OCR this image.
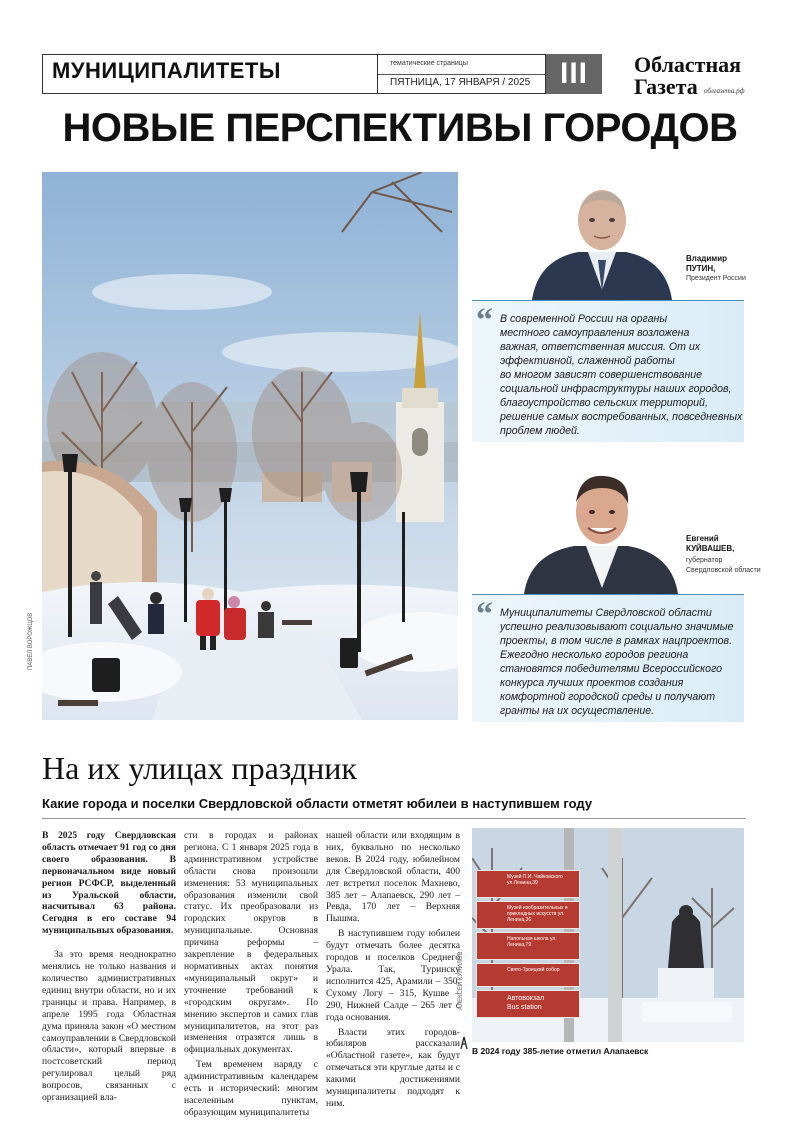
МУНИЦИПАЛИТЕТЫ	тематические страницы
ПЯТНИЦА, 17 ЯНВАРЯ / 2025 III	Областная
Газета облгазета.рф
НОВЫЕ ПЕРСПЕКТИВЫ ГОРОДОВ
ПАВЕЛ ВОРОЖЦОВ
Владимир
ПУТИН,
Президент России
“ В современной России на органы
местного самоуправления возложена
важная, ответственная миссия. От их
эффективной, слаженной работы
во многом зависят совершенствование
социальной инфраструктуры наших городов,
благоустройство сельских территорий,
решение самых востребованных, повседневных
проблем людей.
Евгений
КУЙВАШЕВ,
губернатор
Свердловской области
“ Муниципалитеты Свердловской области
успешно реализовывают социально значимые
проекты, в том числе в рамках нацпроектов.
Ежегодно несколько городов региона
становятся победителями Всероссийского
конкурса лучших проектов создания
комфортной городской среды и получают
гранты на их осуществление.
На их улицах праздник
Какие города и поселки Свердловской области отметят юбилеи в наступившем году

В 2025 году Свердловская область отмечает 91 год со дня своего образования. В первоначальном виде новый регион РСФСР, выделенный из Уральской области, насчитывал 63 района. Сегодня в его составе 94 муниципальных образования.

За это время неоднократно менялись не только названия и количество административных единиц внутри области, но и их границы и права. Например, в апреле 1995 года Областная дума приняла закон «О местном самоуправлении в Свердловской области», который впервые в постсоветский период регулировал целый ряд вопросов, связанных с организацией вла-

сти в городах и районах региона. С 1 января 2025 года в административном устройстве области снова произошли изменения: 53 муниципальных образования изменили свой статус. Их преобразовали из городских округов в муниципальные. Основная причина реформы – закрепление в федеральных нормативных актах понятия «муниципальный округ» и уточнение требований к «городским округам». По мнению экспертов и самих глав муниципалитетов, на этот раз изменения отразятся лишь в официальных документах.

Тем временем наряду с административным календарем есть и исторический: многим населенным пунктам, образующим муниципалитеты

нашей области или входящим в них, буквально по несколько веков. В 2024 году, юбилейном для Свердловской области, 400 лет встретил поселок Махнево, 385 лет – Алапаевск, 290 лет – Ревда, 170 лет – Верхняя Пышма.

В наступившем году юбилеи будут отмечать более десятка городов и поселков Среднего Урала. Так, Туринску исполнится 425, Арамили – 350, Сухому Логу – 315, Кушве – 290, Нижней Салде – 265 лет с года основания.

Власти этих городов-юбиляров рассказали «Областной газете», как будут отмечаться эти круглые даты и с какими достижениями муниципалитеты подходят к ним.

Музей П.И. Чайковского ул.Ленина,39
Музей изобразительных и прикладных искусств ул. Ленина,36
Напольная школа ул. Ленина,79
Свято-Троицкий собор
Автовокзал
Bus station
АЛЕКСЕЙ КУНИЛОВ
В 2024 году 385-летие отметил Алапаевск
